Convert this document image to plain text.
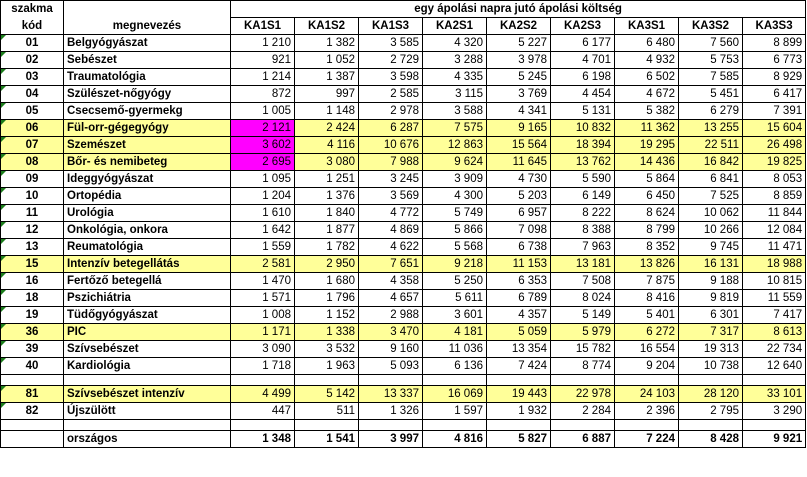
szakma		egy ápolási napra jutó ápolási költség								
kód	megnevezés	KA1S1	KA1S2	KA1S3	KA2S1	KA2S2	KA2S3	KA3S1	KA3S2	KA3S3
01	Belgyógyászat	1 210	1 382	3 585	4 320	5 227	6 177	6 480	7 560	8 899
02	Sebészet	921	1 052	2 729	3 288	3 978	4 701	4 932	5 753	6 773
03	Traumatológia	1 214	1 387	3 598	4 335	5 245	6 198	6 502	7 585	8 929
04	Szülészet-nőgyógy	872	997	2 585	3 115	3 769	4 454	4 672	5 451	6 417
05	Csecsemő-gyermekg	1 005	1 148	2 978	3 588	4 341	5 131	5 382	6 279	7 391
06	Fül-orr-gégegyógy	2 121	2 424	6 287	7 575	9 165	10 832	11 362	13 255	15 604
07	Szemészet	3 602	4 116	10 676	12 863	15 564	18 394	19 295	22 511	26 498
08	Bőr- és nemibeteg	2 695	3 080	7 988	9 624	11 645	13 762	14 436	16 842	19 825
09	Ideggyógyászat	1 095	1 251	3 245	3 909	4 730	5 590	5 864	6 841	8 053
10	Ortopédia	1 204	1 376	3 569	4 300	5 203	6 149	6 450	7 525	8 859
11	Urológia	1 610	1 840	4 772	5 749	6 957	8 222	8 624	10 062	11 844
12	Onkológia, onkora	1 642	1 877	4 869	5 866	7 098	8 388	8 799	10 266	12 084
13	Reumatológia	1 559	1 782	4 622	5 568	6 738	7 963	8 352	9 745	11 471
15	Intenzív betegellátás	2 581	2 950	7 651	9 218	11 153	13 181	13 826	16 131	18 988
16	Fertőző betegellá	1 470	1 680	4 358	5 250	6 353	7 508	7 875	9 188	10 815
18	Pszichiátria	1 571	1 796	4 657	5 611	6 789	8 024	8 416	9 819	11 559
19	Tüdőgyógyászat	1 008	1 152	2 988	3 601	4 357	5 149	5 401	6 301	7 417
36	PIC	1 171	1 338	3 470	4 181	5 059	5 979	6 272	7 317	8 613
39	Szívsebészet	3 090	3 532	9 160	11 036	13 354	15 782	16 554	19 313	22 734
40	Kardiológia	1 718	1 963	5 093	6 136	7 424	8 774	9 204	10 738	12 640

81	Szívsebészet intenzív	4 499	5 142	13 337	16 069	19 443	22 978	24 103	28 120	33 101
82	Újszülött	447	511	1 326	1 597	1 932	2 284	2 396	2 795	3 290

	országos	1 348	1 541	3 997	4 816	5 827	6 887	7 224	8 428	9 921
